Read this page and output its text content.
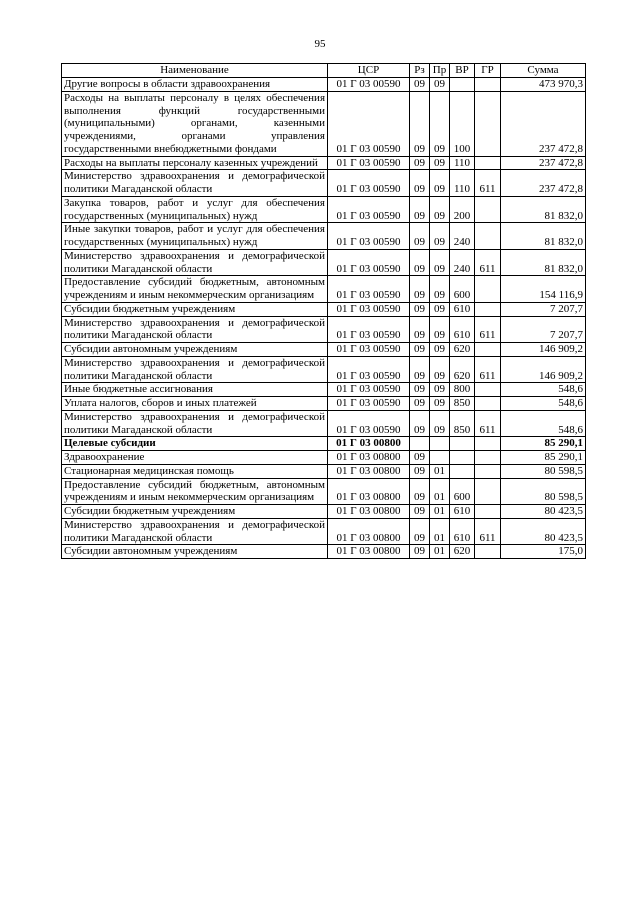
95
Наименование	ЦСР	Рз	Пр	ВР	ГР	Сумма
Другие вопросы в области здравоохранения	01 Г 03 00590	09	09			473 970,3
Расходы на выплаты персоналу в целях обеспечения выполнения функций государственными (муниципальными) органами, казенными учреждениями, органами управления государственными внебюджетными фондами	01 Г 03 00590	09	09	100		237 472,8
Расходы на выплаты персоналу казенных учреждений	01 Г 03 00590	09	09	110		237 472,8
Министерство здравоохранения и демографической политики Магаданской области	01 Г 03 00590	09	09	110	611	237 472,8
Закупка товаров, работ и услуг для обеспечения государственных (муниципальных) нужд	01 Г 03 00590	09	09	200		81 832,0
Иные закупки товаров, работ и услуг для обеспечения государственных (муниципальных) нужд	01 Г 03 00590	09	09	240		81 832,0
Министерство здравоохранения и демографической политики Магаданской области	01 Г 03 00590	09	09	240	611	81 832,0
Предоставление субсидий бюджетным, автономным учреждениям и иным некоммерческим организациям	01 Г 03 00590	09	09	600		154 116,9
Субсидии бюджетным учреждениям	01 Г 03 00590	09	09	610		7 207,7
Министерство здравоохранения и демографической политики Магаданской области	01 Г 03 00590	09	09	610	611	7 207,7
Субсидии автономным учреждениям	01 Г 03 00590	09	09	620		146 909,2
Министерство здравоохранения и демографической политики Магаданской области	01 Г 03 00590	09	09	620	611	146 909,2
Иные бюджетные ассигнования	01 Г 03 00590	09	09	800		548,6
Уплата налогов, сборов и иных платежей	01 Г 03 00590	09	09	850		548,6
Министерство здравоохранения и демографической политики Магаданской области	01 Г 03 00590	09	09	850	611	548,6
Целевые субсидии	01 Г 03 00800					85 290,1
Здравоохранение	01 Г 03 00800	09				85 290,1
Стационарная медицинская помощь	01 Г 03 00800	09	01			80 598,5
Предоставление субсидий бюджетным, автономным учреждениям и иным некоммерческим организациям	01 Г 03 00800	09	01	600		80 598,5
Субсидии бюджетным учреждениям	01 Г 03 00800	09	01	610		80 423,5
Министерство здравоохранения и демографической политики Магаданской области	01 Г 03 00800	09	01	610	611	80 423,5
Субсидии автономным учреждениям	01 Г 03 00800	09	01	620		175,0
